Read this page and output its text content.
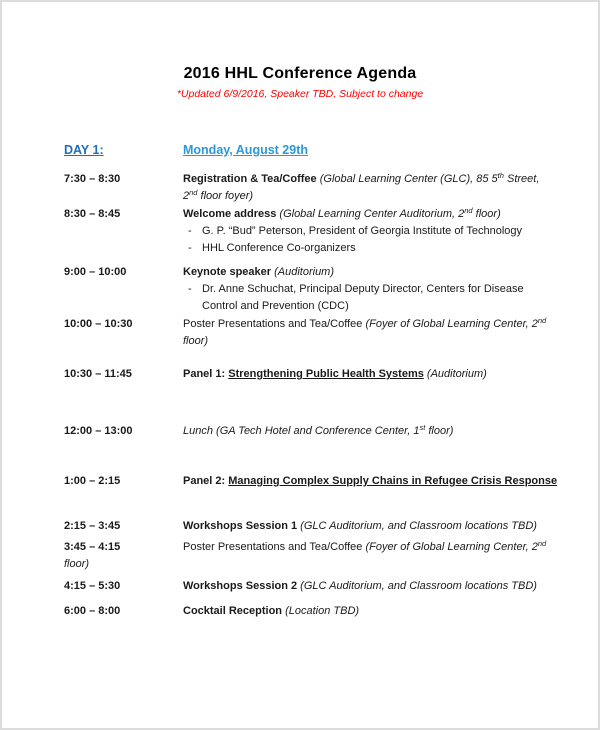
2016 HHL Conference Agenda
*Updated 6/9/2016, Speaker TBD, Subject to change
DAY 1:	Monday, August 29th
7:30 – 8:30	Registration & Tea/Coffee (Global Learning Center (GLC), 85 5th Street,
2nd floor foyer)
8:30 – 8:45	Welcome address (Global Learning Center Auditorium, 2nd floor)
- G. P. “Bud” Peterson, President of Georgia Institute of Technology
- HHL Conference Co-organizers
9:00 – 10:00	Keynote speaker (Auditorium)
- Dr. Anne Schuchat, Principal Deputy Director, Centers for Disease
Control and Prevention (CDC)
10:00 – 10:30	Poster Presentations and Tea/Coffee (Foyer of Global Learning Center, 2nd
floor)
10:30 – 11:45	Panel 1: Strengthening Public Health Systems (Auditorium)
12:00 – 13:00	Lunch (GA Tech Hotel and Conference Center, 1st floor)
1:00 – 2:15	Panel 2: Managing Complex Supply Chains in Refugee Crisis Response
2:15 – 3:45	Workshops Session 1 (GLC Auditorium, and Classroom locations TBD)
3:45 – 4:15	Poster Presentations and Tea/Coffee (Foyer of Global Learning Center, 2nd
floor)
4:15 – 5:30	Workshops Session 2 (GLC Auditorium, and Classroom locations TBD)
6:00 – 8:00	Cocktail Reception (Location TBD)
